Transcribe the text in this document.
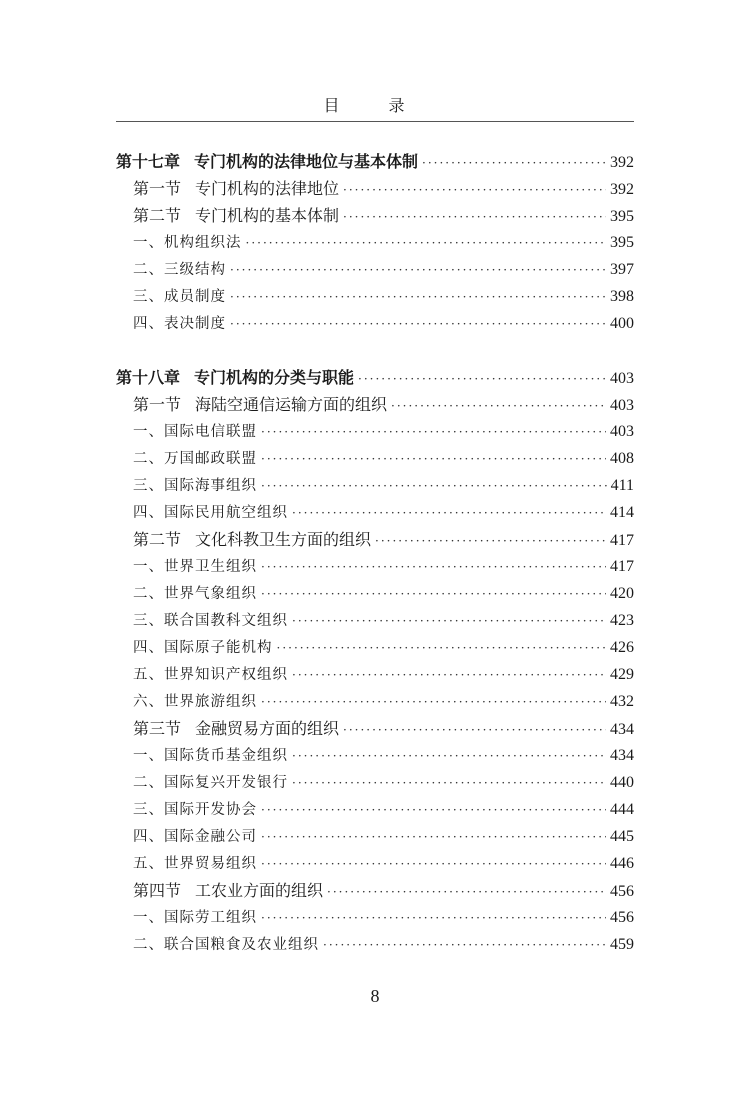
目 录
第十七章 专门机构的法律地位与基本体制 ·····	392
第一节 专门机构的法律地位 ·····	392
第二节 专门机构的基本体制 ·····	395
一、机构组织法 ·····	395
二、三级结构 ·····	397
三、成员制度 ·····	398
四、表决制度 ·····	400
第十八章 专门机构的分类与职能 ·····	403
第一节 海陆空通信运输方面的组织 ·····	403
一、国际电信联盟 ·····	403
二、万国邮政联盟 ·····	408
三、国际海事组织 ·····	411
四、国际民用航空组织 ·····	414
第二节 文化科教卫生方面的组织 ·····	417
一、世界卫生组织 ·····	417
二、世界气象组织 ·····	420
三、联合国教科文组织 ·····	423
四、国际原子能机构 ·····	426
五、世界知识产权组织 ·····	429
六、世界旅游组织 ·····	432
第三节 金融贸易方面的组织 ·····	434
一、国际货币基金组织 ·····	434
二、国际复兴开发银行 ·····	440
三、国际开发协会 ·····	444
四、国际金融公司 ·····	445
五、世界贸易组织 ·····	446
第四节 工农业方面的组织 ·····	456
一、国际劳工组织 ·····	456
二、联合国粮食及农业组织 ·····	459
8
